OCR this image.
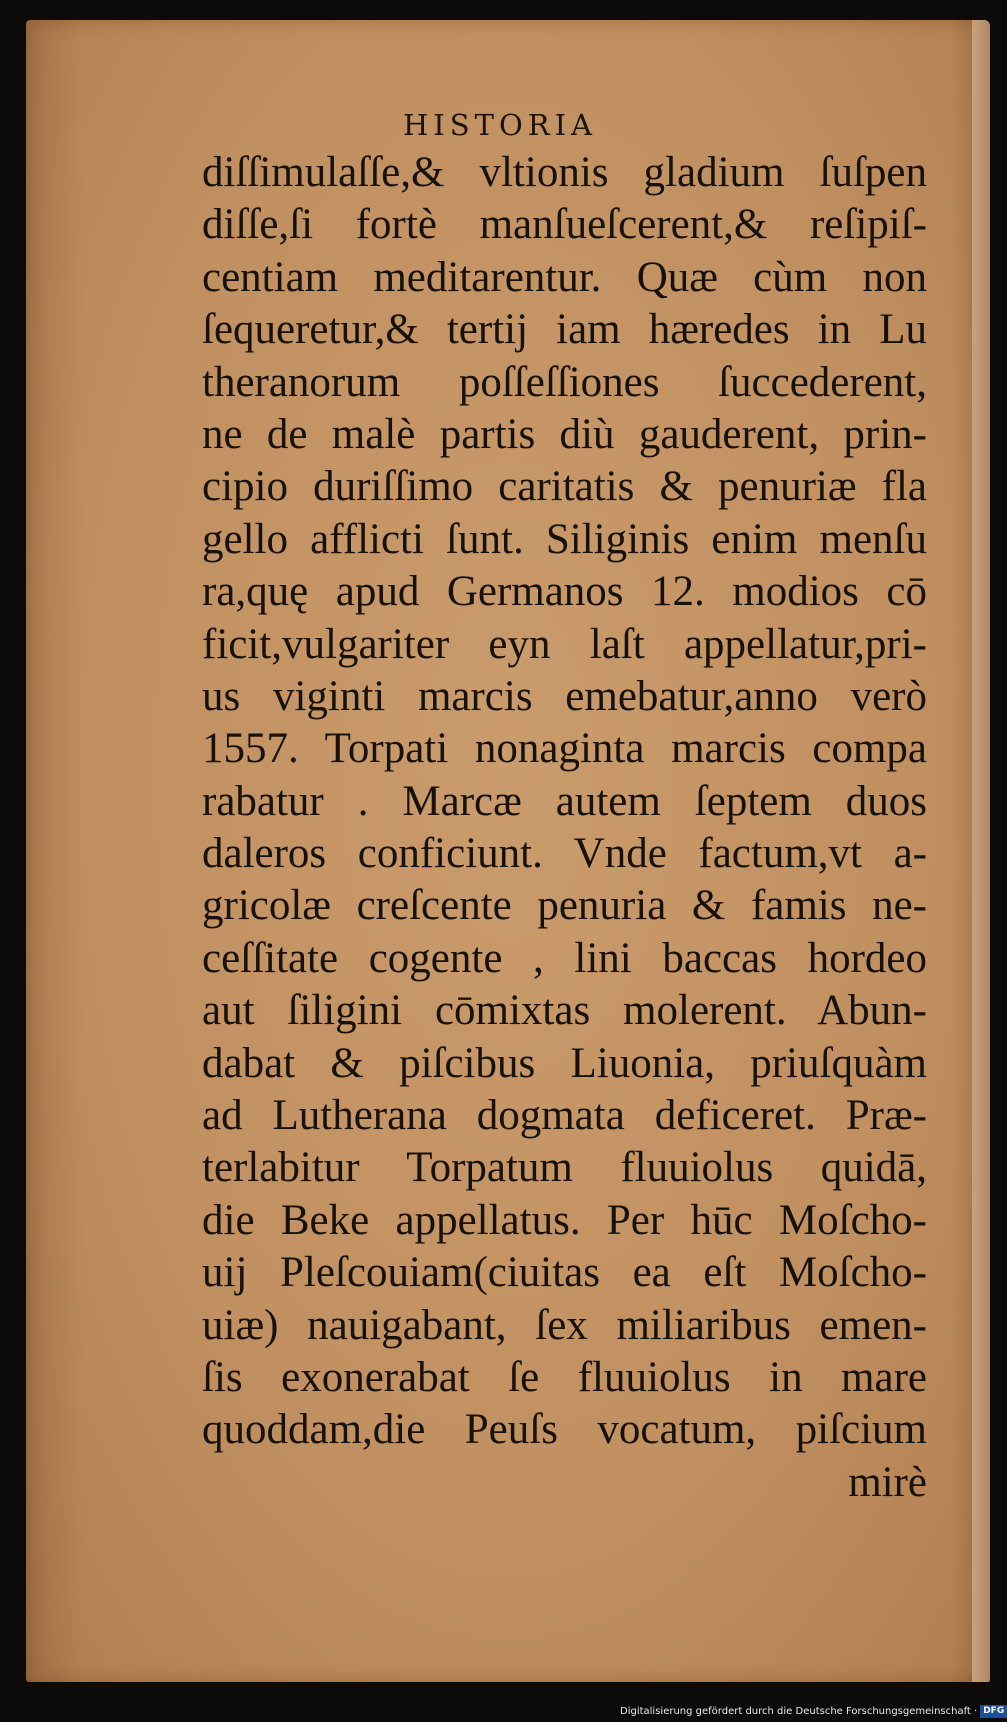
HISTORIA
diſſimulaſſe,& vltionis gladium ſuſpen
diſſe,ſi fortè manſueſcerent,& reſipiſ-
centiam meditarentur. Quæ cùm non
ſequeretur,& tertij iam hæredes in Lu
theranorum poſſeſſiones ſuccederent,
ne de malè partis diù gauderent, prin-
cipio duriſſimo caritatis & penuriæ fla
gello afflicti ſunt. Siliginis enim menſu
ra,quę apud Germanos 12. modios cō
ficit,vulgariter eyn laſt appellatur,pri-
us viginti marcis emebatur,anno verò
1557. Torpati nonaginta marcis compa
rabatur . Marcæ autem ſeptem duos
daleros conficiunt. Vnde factum,vt a-
gricolæ creſcente penuria & famis ne-
ceſſitate cogente , lini baccas hordeo
aut ſiligini cōmixtas molerent. Abun-
dabat & piſcibus Liuonia, priuſquàm
ad Lutherana dogmata deficeret. Præ-
terlabitur Torpatum fluuiolus quidā,
die Beke appellatus. Per hūc Moſcho-
uij Pleſcouiam(ciuitas ea eſt Moſcho-
uiæ) nauigabant, ſex miliaribus emen-
ſis exonerabat ſe fluuiolus in mare
quoddam,die Peuſs vocatum, piſcium
mirè
Digitalisierung gefördert durch die Deutsche Forschungsgemeinschaft · DFG
